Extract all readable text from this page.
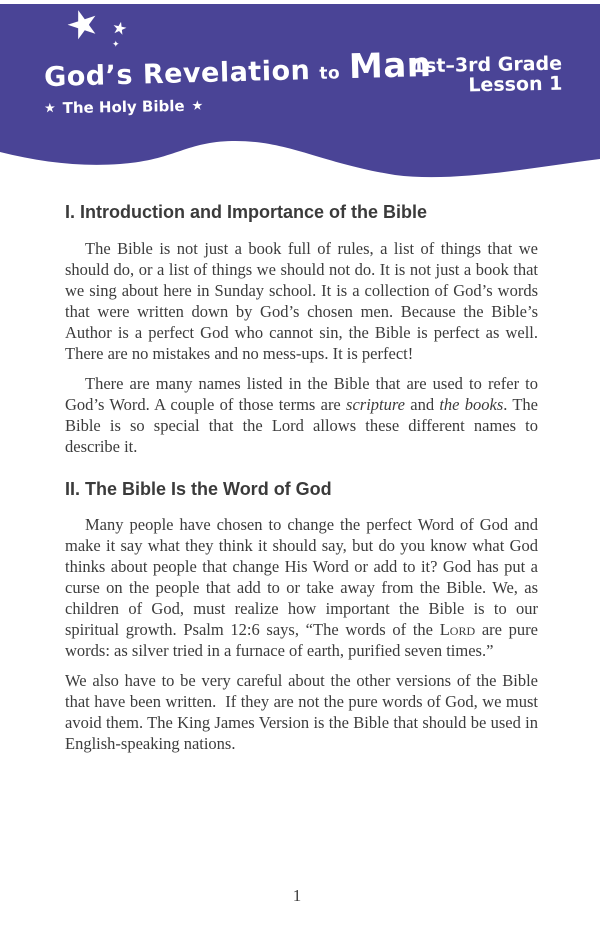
★ ★
✦
God’s Revelation to Man
★ The Holy Bible ★
1st–3rd Grade
Lesson 1
I. Introduction and Importance of the Bible

The Bible is not just a book full of rules, a list of things that we should do, or a list of things we should not do. It is not just a book that we sing about here in Sunday school. It is a collection of God’s words that were written down by God’s chosen men. Because the Bible’s Author is a perfect God who cannot sin, the Bible is perfect as well. There are no mistakes and no mess-ups. It is perfect!

There are many names listed in the Bible that are used to refer to God’s Word. A couple of those terms are scripture and the books. The Bible is so special that the Lord allows these different names to describe it.

II. The Bible Is the Word of God

Many people have chosen to change the perfect Word of God and make it say what they think it should say, but do you know what God thinks about people that change His Word or add to it? God has put a curse on the people that add to or take away from the Bible. We, as children of God, must realize how important the Bible is to our spiritual growth. Psalm 12:6 says, “The words of the Lord are pure words: as silver tried in a furnace of earth, purified seven times.”

We also have to be very careful about the other versions of the Bible that have been written.  If they are not the pure words of God, we must avoid them. The King James Version is the Bible that should be used in English-speaking nations.

1
